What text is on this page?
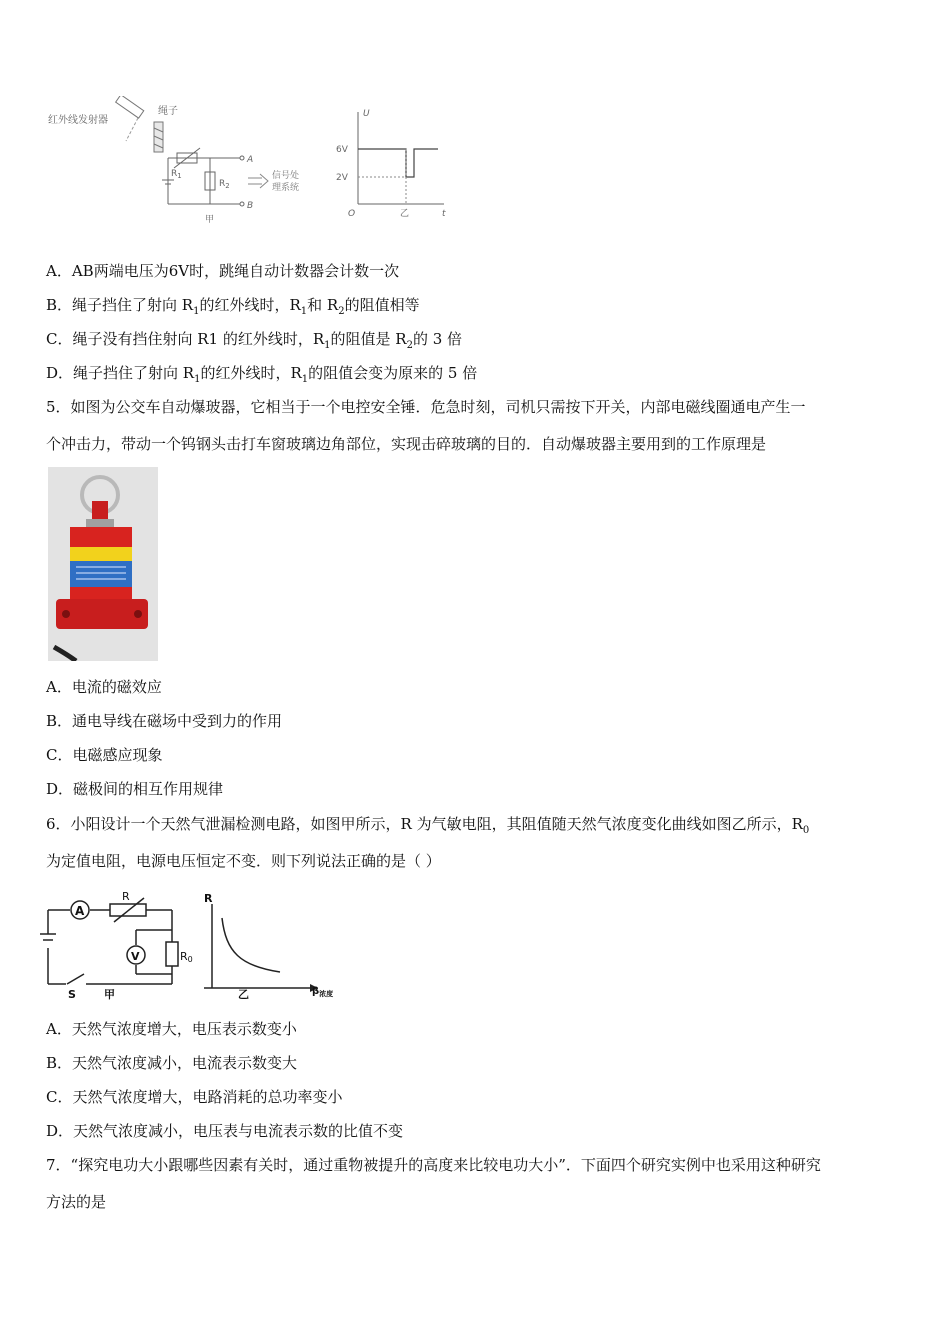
红外线发射器
绳子
$R_1$
$R_2$
A
B
信号处
理系统
甲
U
t
O
6V
2V
乙
A．AB两端电压为6V时，跳绳自动计数器会计数一次
B．绳子挡住了射向 $R_1$的红外线时，$R_1$和 $R_2$的阻值相等
C．绳子没有挡住射向 R1 的红外线时，$R_1$的阻值是 $R_2$的 3 倍
D．绳子挡住了射向 $R_1$的红外线时，$R_1$的阻值会变为原来的 5 倍
5．如图为公交车自动爆玻器，它相当于一个电控安全锤．危急时刻，司机只需按下开关，内部电磁线圈通电产生一
个冲击力，带动一个钨钢头击打车窗玻璃边角部位，实现击碎玻璃的目的．自动爆玻器主要用到的工作原理是
A．电流的磁效应
B．通电导线在磁场中受到力的作用
C．电磁感应现象
D．磁极间的相互作用规律
6．小阳设计一个天然气泄漏检测电路，如图甲所示，R 为气敏电阻，其阻值随天然气浓度变化曲线如图乙所示，$R_0$
为定值电阻，电源电压恒定不变．则下列说法正确的是（ ）
A
V
R
R0
S	甲
R
$\beta_{浓度}$
乙
A．天然气浓度增大，电压表示数变小
B．天然气浓度减小，电流表示数变大
C．天然气浓度增大，电路消耗的总功率变小
D．天然气浓度减小，电压表与电流表示数的比值不变
7．“探究电功大小跟哪些因素有关时，通过重物被提升的高度来比较电功大小”．下面四个研究实例中也采用这种研究
方法的是
